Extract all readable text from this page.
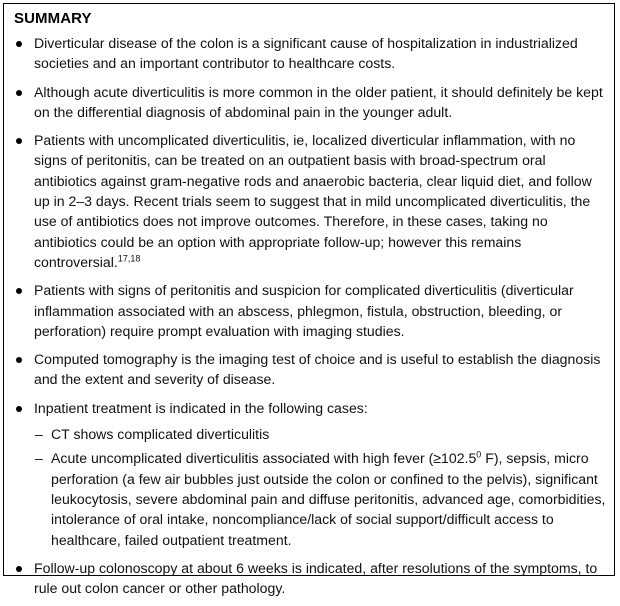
SUMMARY
Diverticular disease of the colon is a significant cause of hospitalization in industrialized societies and an important contributor to healthcare costs.
Although acute diverticulitis is more common in the older patient, it should definitely be kept on the differential diagnosis of abdominal pain in the younger adult.
Patients with uncomplicated diverticulitis, ie, localized diverticular inflammation, with no signs of peritonitis, can be treated on an outpatient basis with broad-spectrum oral antibiotics against gram-negative rods and anaerobic bacteria, clear liquid diet, and follow up in 2–3 days. Recent trials seem to suggest that in mild uncomplicated diverticulitis, the use of antibiotics does not improve outcomes. Therefore, in these cases, taking no antibiotics could be an option with appropriate follow-up; however this remains controversial.$^{17,18}$
Patients with signs of peritonitis and suspicion for complicated diverticulitis (diverticular inflammation associated with an abscess, phlegmon, fistula, obstruction, bleeding, or perforation) require prompt evaluation with imaging studies.
Computed tomography is the imaging test of choice and is useful to establish the diagnosis and the extent and severity of disease.
Inpatient treatment is indicated in the following cases:
– CT shows complicated diverticulitis
– Acute uncomplicated diverticulitis associated with high fever ($\ge 102.5^0$ F), sepsis, micro perforation (a few air bubbles just outside the colon or confined to the pelvis), significant leukocytosis, severe abdominal pain and diffuse peritonitis, advanced age, comorbidities, intolerance of oral intake, noncompliance/lack of social support/difficult access to healthcare, failed outpatient treatment.
Follow-up colonoscopy at about 6 weeks is indicated, after resolutions of the symptoms, to rule out colon cancer or other pathology.
